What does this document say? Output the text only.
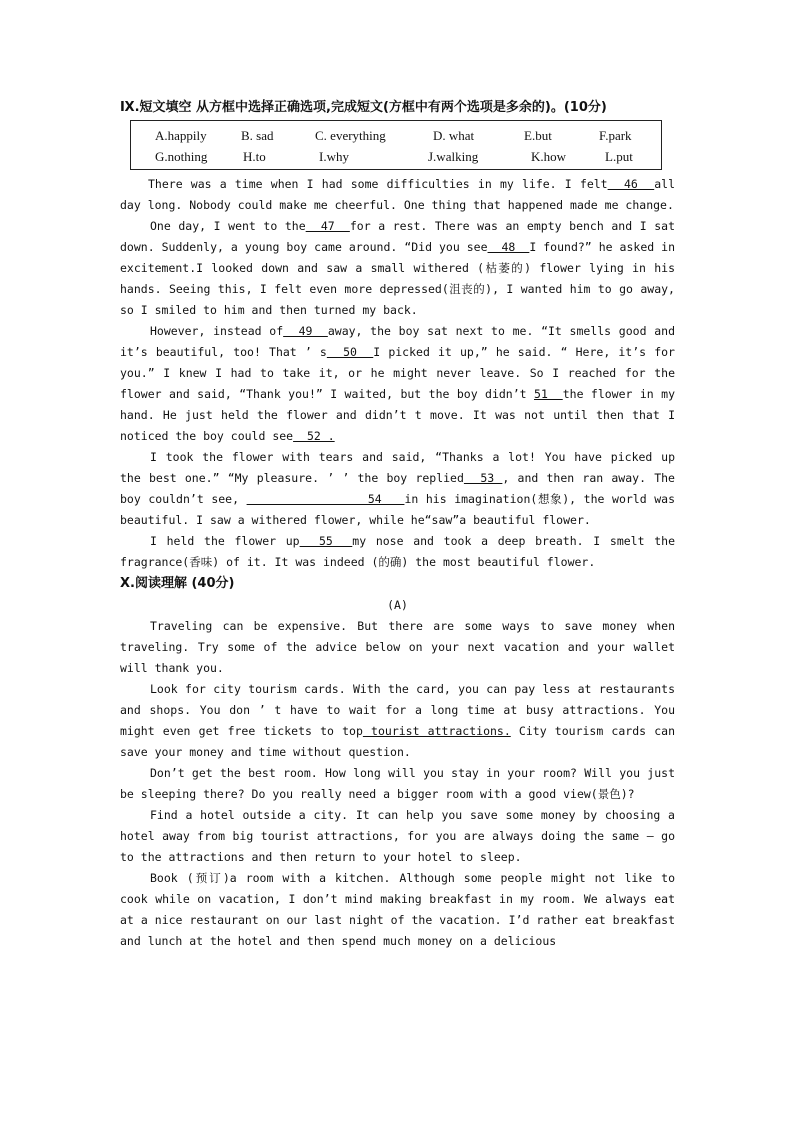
Ⅸ.短文填空 从方框中选择正确选项,完成短文(方框中有两个选项是多余的)。(10分)

A.happily	B. sad	C. everything	D. what	E.but	F.park
G.nothing	H.to	I.why	J.walking	K.how	L.put

There was a time when I had some difficulties in my life. I felt  46  all day long. Nobody could make me cheerful. One thing that happened made me change.

One day, I went to the  47  for a rest. There was an empty bench and I sat down. Suddenly, a young boy came around. “Did you see  48  I found?” he asked in excitement.I looked down and saw a small withered (枯萎的) flower lying in his hands. Seeing this, I felt even more depressed(沮丧的), I wanted him to go away, so I smiled to him and then turned my back.

However, instead of  49  away, the boy sat next to me. “It smells good and it’s beautiful, too! That ’ s  50  I picked it up,” he said. “ Here, it’s for you.” I knew I had to take it, or he might never leave. So I reached for the flower and said, “Thank you!” I waited, but the boy didn’t 51  the flower in my hand. He just held the flower and didn’t t move. It was not until then that I noticed the boy could see  52 .

I took the flower with tears and said, “Thanks a lot! You have picked up the best one.” “My pleasure. ’ ’ the boy replied  53 , and then ran away. The boy couldn’t see,                 54   in his imagination(想象), the world was beautiful. I saw a withered flower, while he“saw”a beautiful flower.

I held the flower up  55  my nose and took a deep breath. I smelt the fragrance(香味) of it. It was indeed (的确) the most beautiful flower.

Ⅹ.阅读理解 (40分)

(A)

Traveling can be expensive. But there are some ways to save money when traveling. Try some of the advice below on your next vacation and your wallet will thank you.

Look for city tourism cards. With the card, you can pay less at restaurants and shops. You don ’ t have to wait for a long time at busy attractions. You might even get free tickets to top tourist attractions. City tourism cards can save your money and time without question.

Don’t get the best room. How long will you stay in your room? Will you just be sleeping there? Do you really need a bigger room with a good view(景色)?

Find a hotel outside a city. It can help you save some money by choosing a hotel away from big tourist attractions, for you are always doing the same — go to the attractions and then return to your hotel to sleep.

Book (预订)a room with a kitchen. Although some people might not like to cook while on vacation, I don’t mind making breakfast in my room. We always eat at a nice restaurant on our last night of the vacation. I’d rather eat breakfast and lunch at the hotel and then spend much money on a delicious
